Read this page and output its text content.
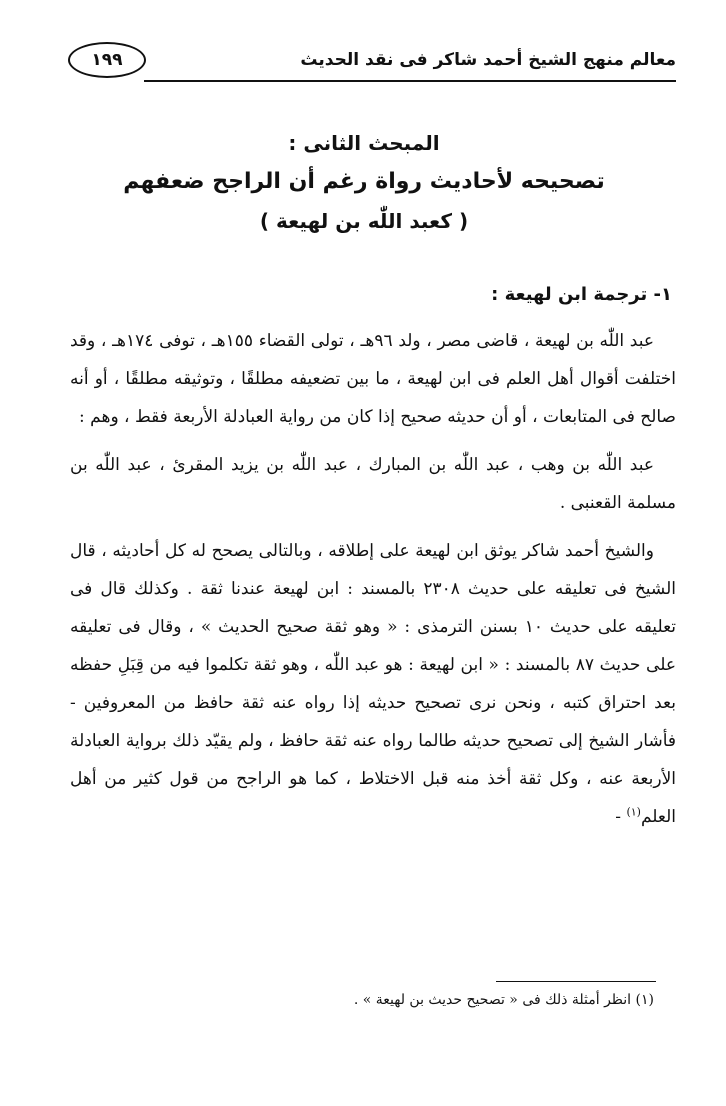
معالم منهج الشيخ أحمد شاكر فى نقد الحديث
١٩٩
المبحث الثانى :
تصحيحه لأحاديث رواة رغم أن الراجح ضعفهم
( كعبد اللّٰه بن لهيعة )
١- ترجمة ابن لهيعة :

عبد اللّٰه بن لهيعة ، قاضى مصر ، ولد ٩٦هـ ، تولى القضاء ١٥٥هـ ، توفى ١٧٤هـ ، وقد اختلفت أقوال أهل العلم فى ابن لهيعة ، ما بين تضعيفه مطلقًا ، وتوثيقه مطلقًا ، أو أنه صالح فى المتابعات ، أو أن حديثه صحيح إذا كان من رواية العبادلة الأربعة فقط ، وهم :

عبد اللّٰه بن وهب ، عبد اللّٰه بن المبارك ، عبد اللّٰه بن يزيد المقرئ ، عبد اللّٰه بن مسلمة القعنبى .

والشيخ أحمد شاكر يوثق ابن لهيعة على إطلاقه ، وبالتالى يصحح له كل أحاديثه ، قال الشيخ فى تعليقه على حديث ٢٣٠٨ بالمسند : ابن لهيعة عندنا ثقة . وكذلك قال فى تعليقه على حديث ١٠ بسنن الترمذى : « وهو ثقة صحيح الحديث » ، وقال فى تعليقه على حديث ٨٧ بالمسند : « ابن لهيعة : هو عبد اللّٰه ، وهو ثقة تكلموا فيه من قِبَلِ حفظه بعد احتراق كتبه ، ونحن نرى تصحيح حديثه إذا رواه عنه ثقة حافظ من المعروفين - فأشار الشيخ إلى تصحيح حديثه طالما رواه عنه ثقة حافظ ، ولم يقيّد ذلك برواية العبادلة الأربعة عنه ، وكل ثقة أخذ منه قبل الاختلاط ، كما هو الراجح من قول كثير من أهل العلم$^{(١)}$ -

(١) انظر أمثلة ذلك فى « تصحيح حديث بن لهيعة » .
